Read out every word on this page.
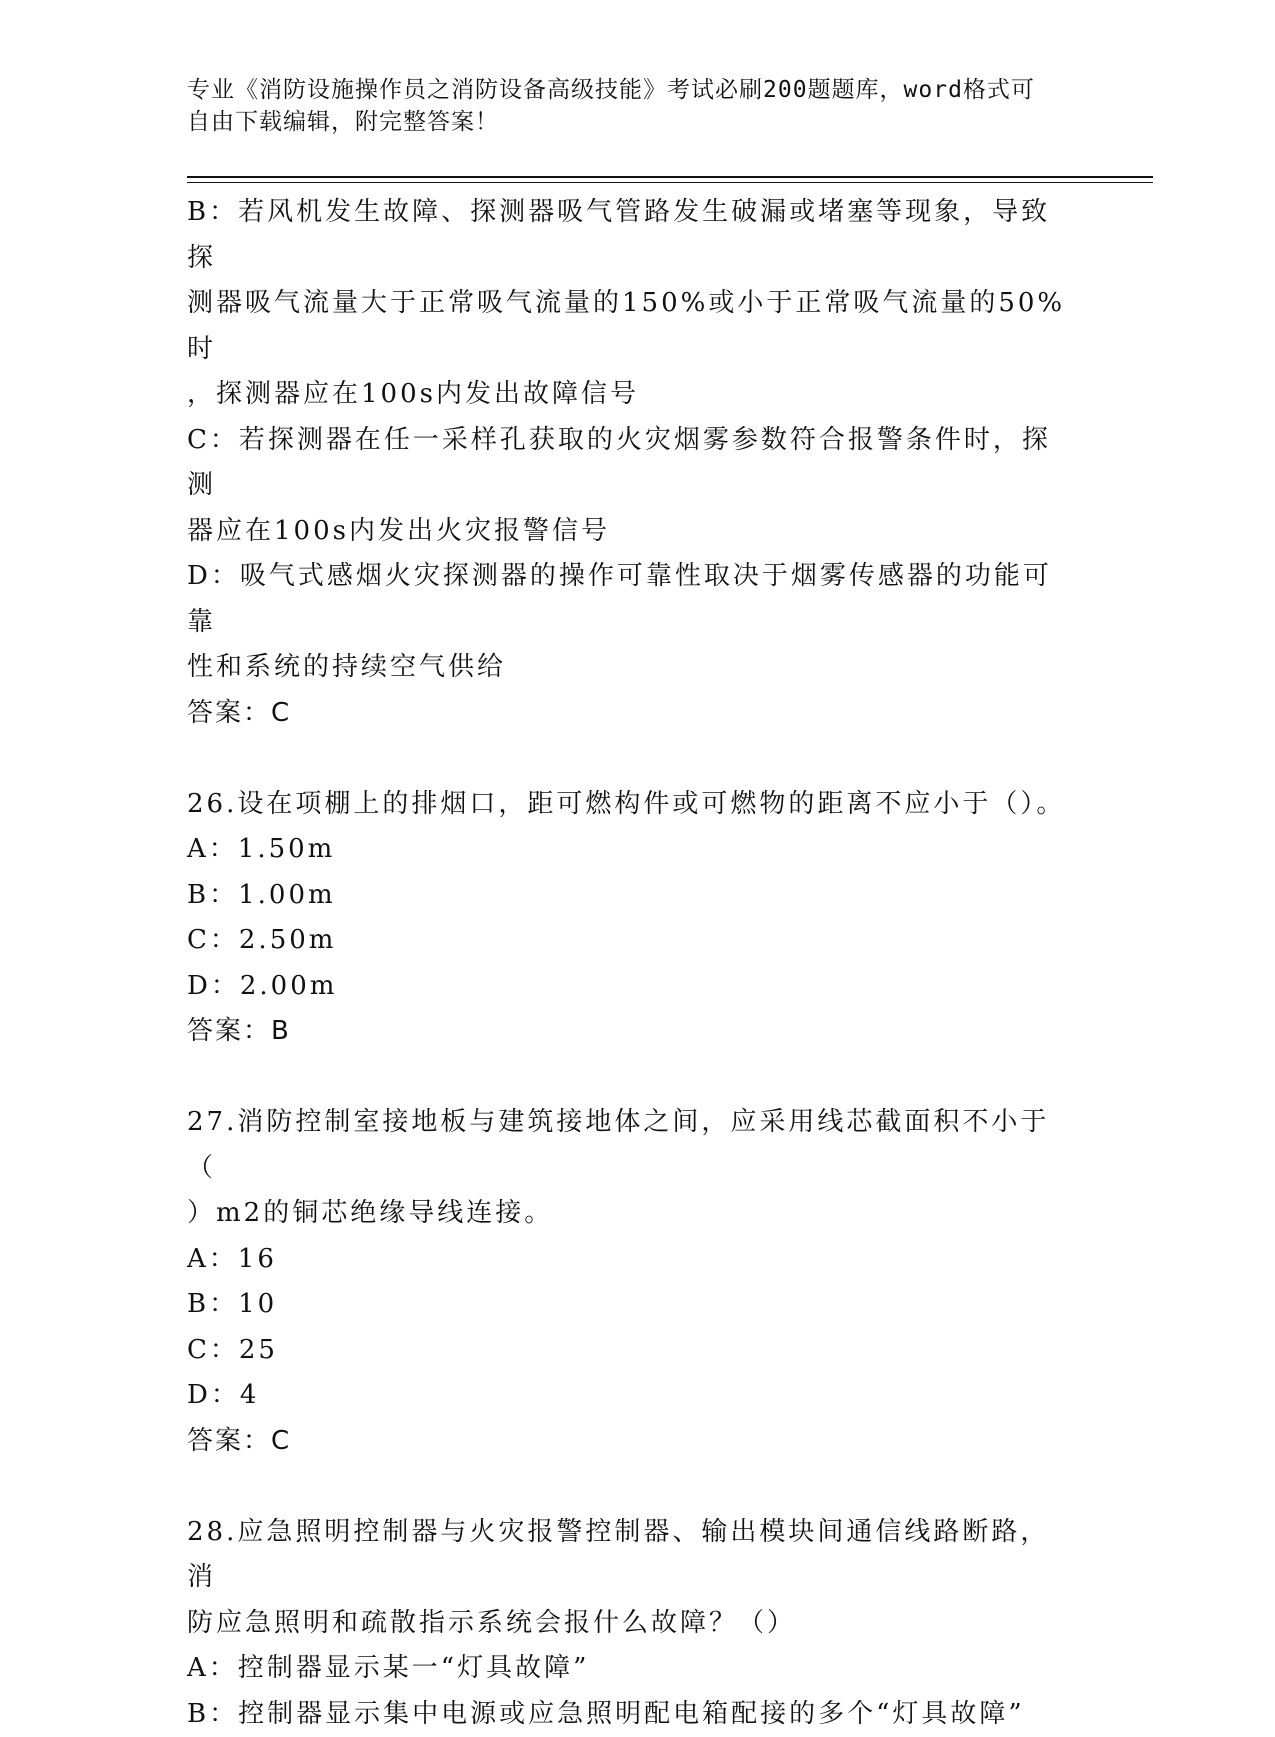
专业《消防设施操作员之消防设备高级技能》考试必刷200题题库，word格式可
自由下载编辑，附完整答案！

B：若风机发生故障、探测器吸气管路发生破漏或堵塞等现象，导致探

测器吸气流量大于正常吸气流量的150%或小于正常吸气流量的50%时

，探测器应在100s内发出故障信号

C：若探测器在任一采样孔获取的火灾烟雾参数符合报警条件时，探测

器应在100s内发出火灾报警信号

D：吸气式感烟火灾探测器的操作可靠性取决于烟雾传感器的功能可靠

性和系统的持续空气供给

答案：C

26.设在项棚上的排烟口，距可燃构件或可燃物的距离不应小于（）。

A：1.50m

B：1.00m

C：2.50m

D：2.00m

答案：B

27.消防控制室接地板与建筑接地体之间，应采用线芯截面积不小于（

）m2的铜芯绝缘导线连接。

A：16

B：10

C：25

D：4

答案：C

28.应急照明控制器与火灾报警控制器、输出模块间通信线路断路，消

防应急照明和疏散指示系统会报什么故障？（）

A：控制器显示某一“灯具故障”

B：控制器显示集中电源或应急照明配电箱配接的多个“灯具故障”
